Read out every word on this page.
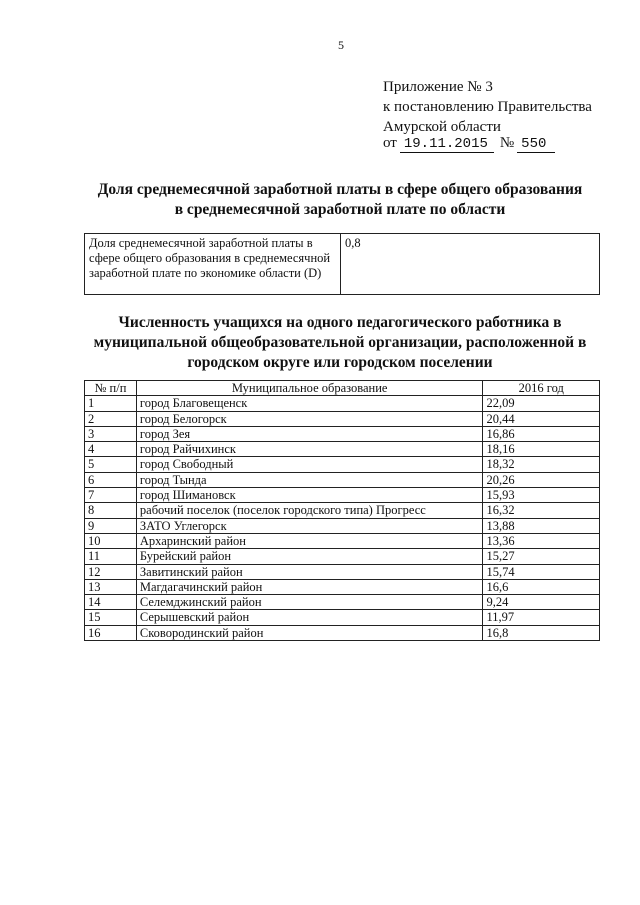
5
Приложение № 3
к постановлению Правительства
Амурской области
от 19.11.2015 № 550
Доля среднемесячной заработной платы в сфере общего образования
в среднемесячной заработной плате по области
Доля среднемесячной заработной платы в сфере общего образования в среднемесячной заработной плате по экономике области (D)	0,8
Численность учащихся на одного педагогического работника в
муниципальной общеобразовательной организации, расположенной в
городском округе или городском поселении
№ п/п	Муниципальное образование	2016 год
1	город Благовещенск	22,09
2	город Белогорск	20,44
3	город Зея	16,86
4	город Райчихинск	18,16
5	город Свободный	18,32
6	город Тында	20,26
7	город Шимановск	15,93
8	рабочий поселок (поселок городского типа) Прогресс	16,32
9	ЗАТО Углегорск	13,88
10	Архаринский район	13,36
11	Бурейский район	15,27
12	Завитинский район	15,74
13	Магдагачинский район	16,6
14	Селемджинский район	9,24
15	Серышевский район	11,97
16	Сковородинский район	16,8
